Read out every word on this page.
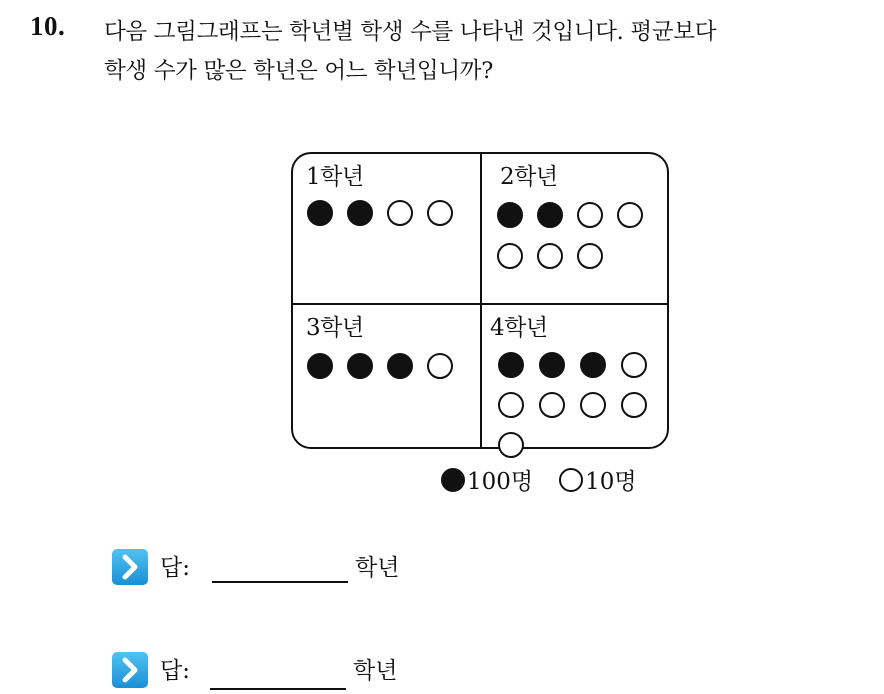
10. 다음 그림그래프는 학년별 학생 수를 나타낸 것입니다. 평균보다
학생 수가 많은 학년은 어느 학년입니까?
1학년	2학년
3학년	4학년
100명 10명
답:	학년
답:	학년
